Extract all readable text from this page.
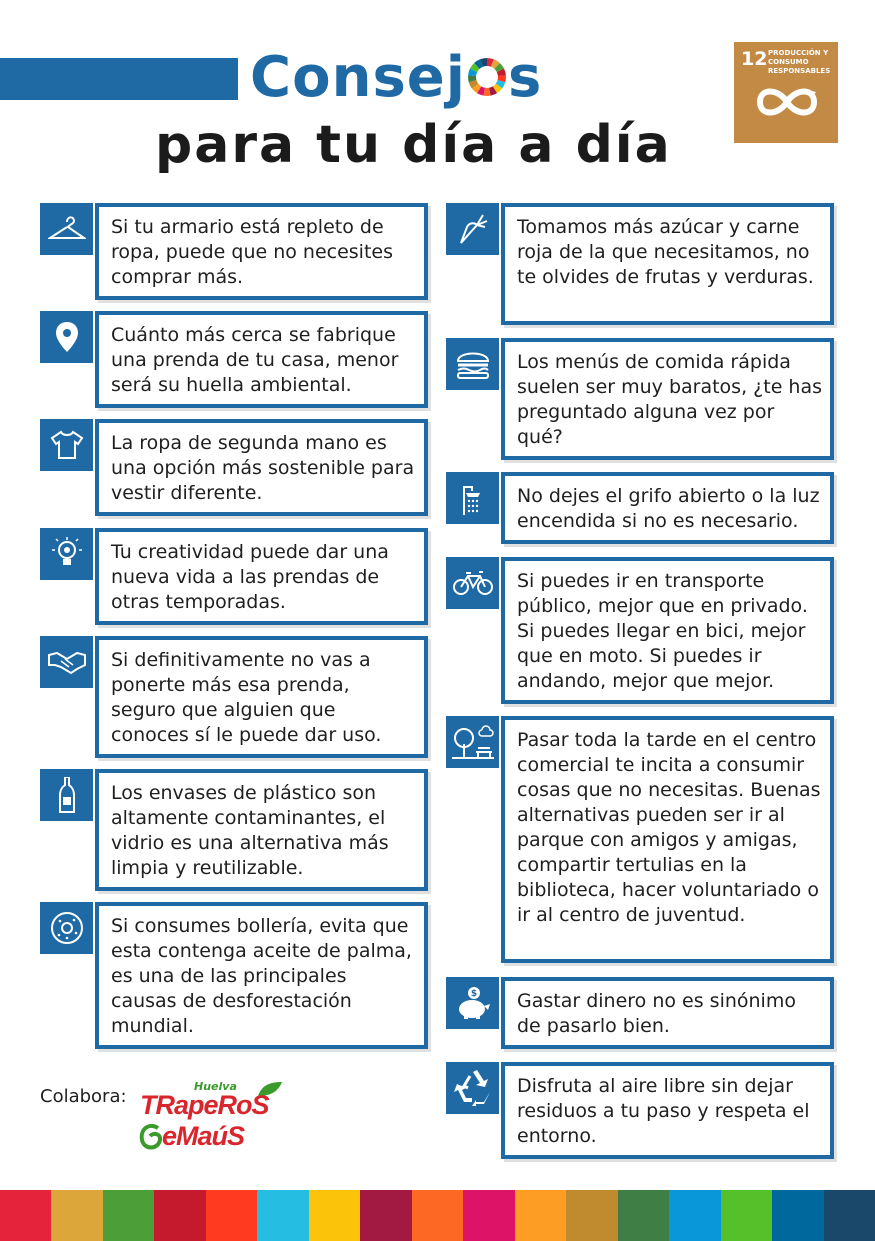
Consej s
para tu día a día
12 PRODUCCIÓN Y CONSUMO RESPONSABLES

Si tu armario está repleto de ropa, puede que no necesites comprar más.

Cuánto más cerca se fabrique una prenda de tu casa, menor será su huella ambiental.

La ropa de segunda mano es una opción más sostenible para vestir diferente.

Tu creatividad puede dar una nueva vida a las prendas de otras temporadas.

Si definitivamente no vas a ponerte más esa prenda, seguro que alguien que conoces sí le puede dar uso.

Los envases de plástico son altamente contaminantes, el vidrio es una alternativa más limpia y reutilizable.

Si consumes bollería, evita que esta contenga aceite de palma, es una de las principales causas de desforestación mundial.

Tomamos más azúcar y carne roja de la que necesitamos, no te olvides de frutas y verduras.

Los menús de comida rápida suelen ser muy baratos, ¿te has preguntado alguna vez por qué?

No dejes el grifo abierto o la luz encendida si no es necesario.

Si puedes ir en transporte público, mejor que en privado. Si puedes llegar en bici, mejor que en moto. Si puedes ir andando, mejor que mejor.

Pasar toda la tarde en el centro comercial te incita a consumir cosas que no necesitas. Buenas alternativas pueden ser ir al parque con amigos y amigas, compartir tertulias en la biblioteca, hacer voluntariado o ir al centro de juventud.

$ Gastar dinero no es sinónimo de pasarlo bien.

Disfruta al aire libre sin dejar residuos a tu paso y respeta el entorno.

Colabora:	Huelva
TRapeRoS
eMaúS
